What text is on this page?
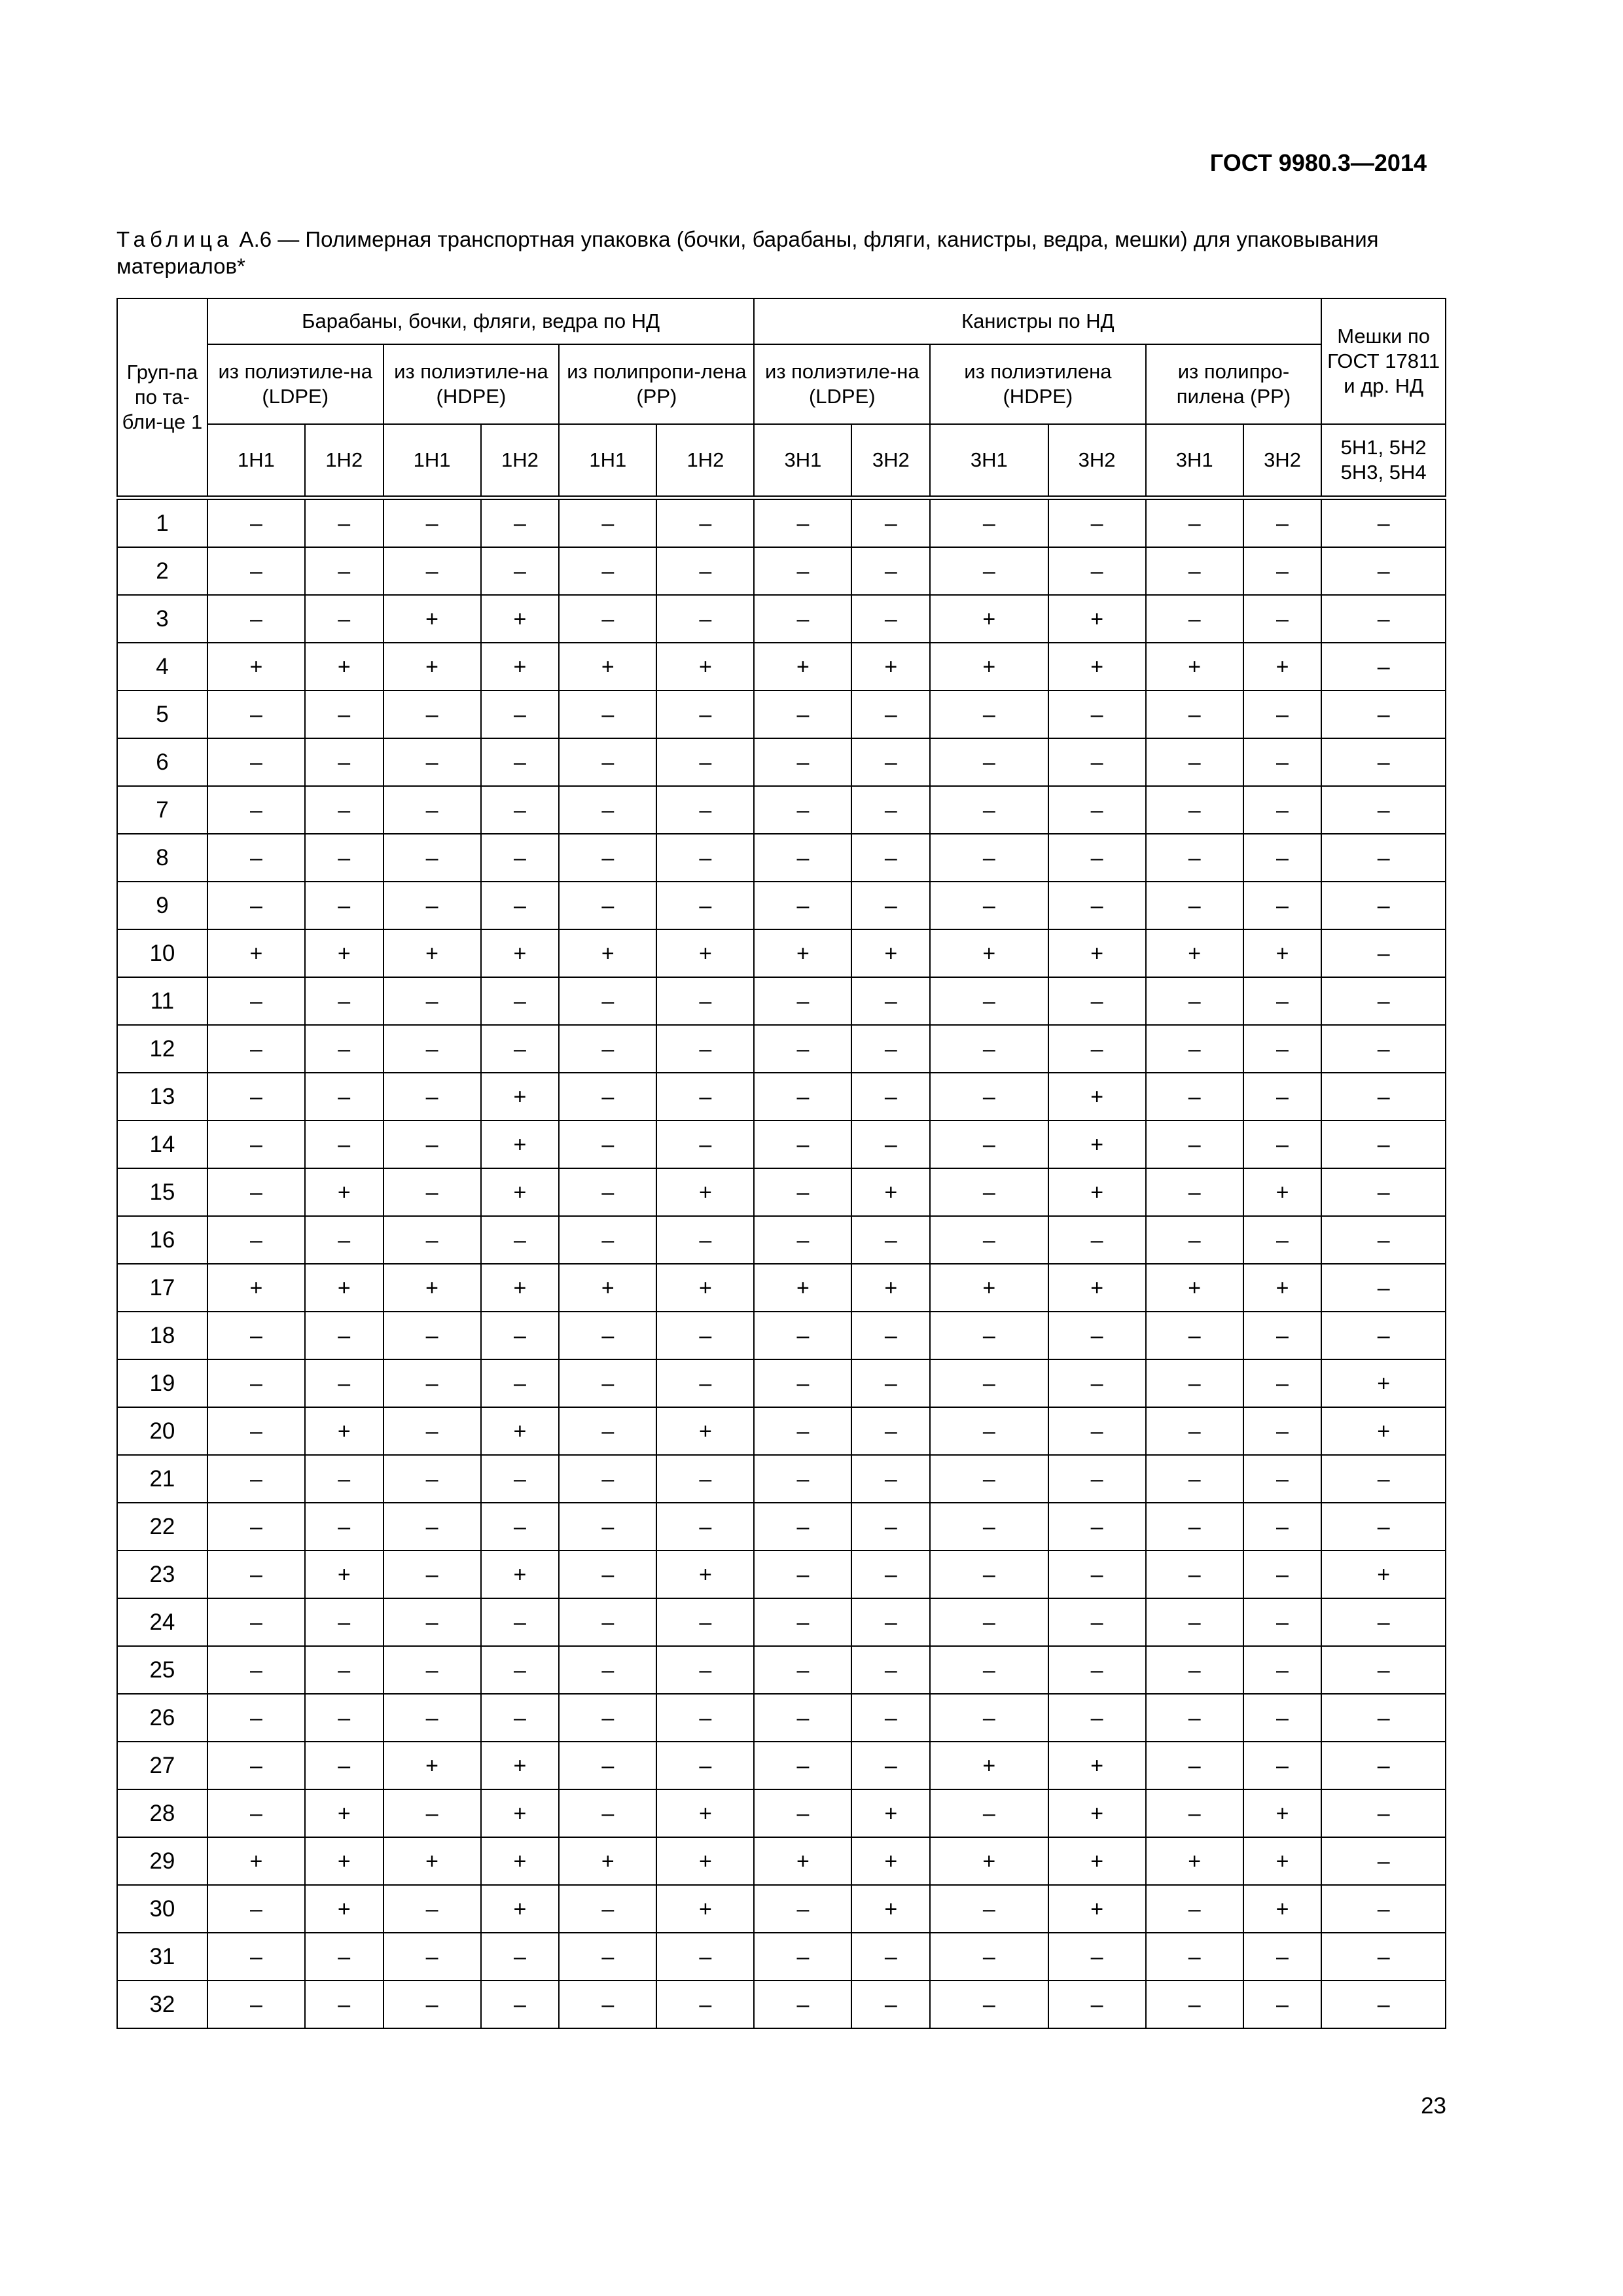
ГОСТ 9980.3—2014
Таблица А.6 — Полимерная транспортная упаковка (бочки, барабаны, фляги, канистры, ведра, мешки) для упаковывания материалов*
Груп-па по та-бли-це 1	Барабаны, бочки, фляги, ведра по НД						Канистры по НД						Мешки по ГОСТ 17811 и др. НД
	из полиэтиле-на (LDPE)		из полиэтиле-на (HDPE)		из полипропи-лена (PP)		из полиэтиле-на (LDPE)		из полиэтилена (HDPE)		из полипро-пилена (PP)		
	1H1	1H2	1H1	1H2	1H1	1H2	3H1	3H2	3H1	3H2	3H1	3H2	5H1, 5H2 5H3, 5H4
1	–	–	–	–	–	–	–	–	–	–	–	–	–
2	–	–	–	–	–	–	–	–	–	–	–	–	–
3	–	–	+	+	–	–	–	–	+	+	–	–	–
4	+	+	+	+	+	+	+	+	+	+	+	+	–
5	–	–	–	–	–	–	–	–	–	–	–	–	–
6	–	–	–	–	–	–	–	–	–	–	–	–	–
7	–	–	–	–	–	–	–	–	–	–	–	–	–
8	–	–	–	–	–	–	–	–	–	–	–	–	–
9	–	–	–	–	–	–	–	–	–	–	–	–	–
10	+	+	+	+	+	+	+	+	+	+	+	+	–
11	–	–	–	–	–	–	–	–	–	–	–	–	–
12	–	–	–	–	–	–	–	–	–	–	–	–	–
13	–	–	–	+	–	–	–	–	–	+	–	–	–
14	–	–	–	+	–	–	–	–	–	+	–	–	–
15	–	+	–	+	–	+	–	+	–	+	–	+	–
16	–	–	–	–	–	–	–	–	–	–	–	–	–
17	+	+	+	+	+	+	+	+	+	+	+	+	–
18	–	–	–	–	–	–	–	–	–	–	–	–	–
19	–	–	–	–	–	–	–	–	–	–	–	–	+
20	–	+	–	+	–	+	–	–	–	–	–	–	+
21	–	–	–	–	–	–	–	–	–	–	–	–	–
22	–	–	–	–	–	–	–	–	–	–	–	–	–
23	–	+	–	+	–	+	–	–	–	–	–	–	+
24	–	–	–	–	–	–	–	–	–	–	–	–	–
25	–	–	–	–	–	–	–	–	–	–	–	–	–
26	–	–	–	–	–	–	–	–	–	–	–	–	–
27	–	–	+	+	–	–	–	–	+	+	–	–	–
28	–	+	–	+	–	+	–	+	–	+	–	+	–
29	+	+	+	+	+	+	+	+	+	+	+	+	–
30	–	+	–	+	–	+	–	+	–	+	–	+	–
31	–	–	–	–	–	–	–	–	–	–	–	–	–
32	–	–	–	–	–	–	–	–	–	–	–	–	–
23
